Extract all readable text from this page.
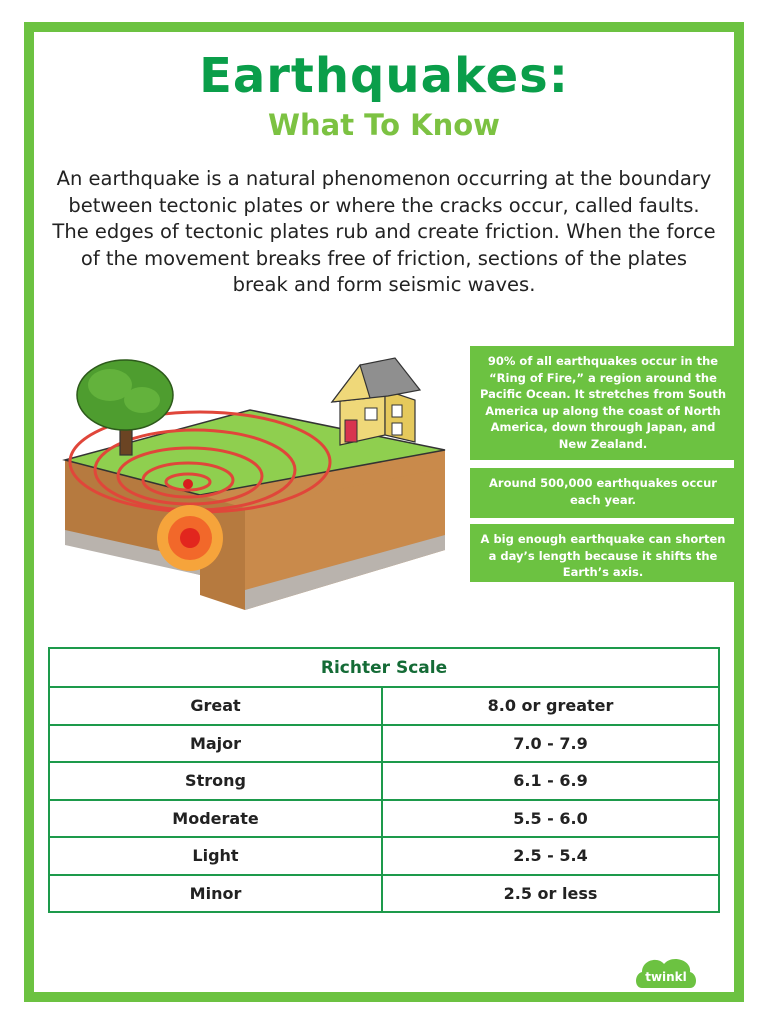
Earthquakes:
What To Know
An earthquake is a natural phenomenon occurring at the boundary between tectonic plates or where the cracks occur, called faults. The edges of tectonic plates rub and create friction. When the force of the movement breaks free of friction, sections of the plates break and form seismic waves.
90% of all earthquakes occur in the “Ring of Fire,” a region around the Pacific Ocean. It stretches from South America up along the coast of North America, down through Japan, and New Zealand.
Around 500,000 earthquakes occur each year.
A big enough earthquake can shorten a day’s length because it shifts the Earth’s axis.
Richter Scale	
Great	8.0 or greater
Major	7.0 - 7.9
Strong	6.1 - 6.9
Moderate	5.5 - 6.0
Light	2.5 - 5.4
Minor	2.5 or less
twinkl
